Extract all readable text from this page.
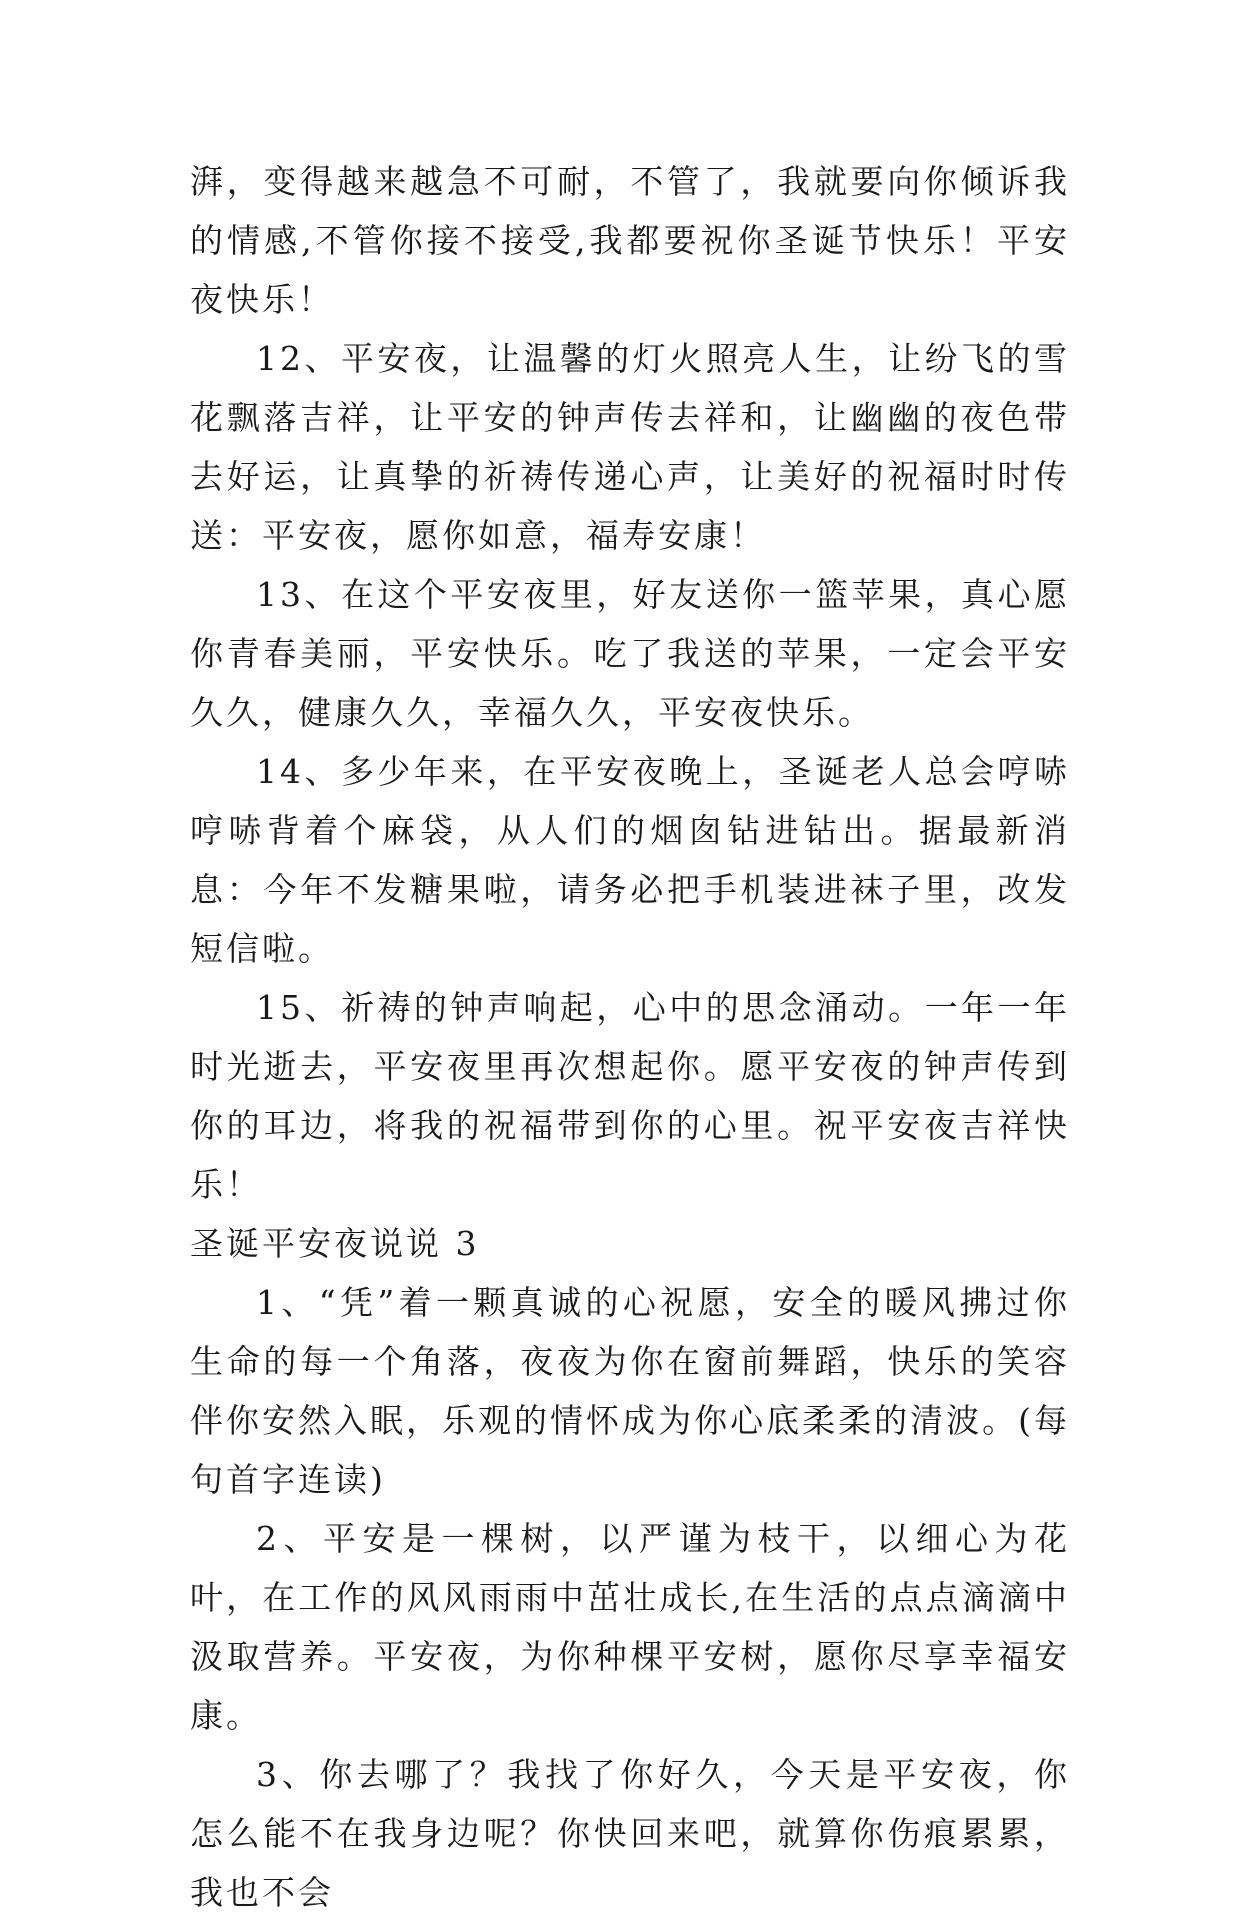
湃，变得越来越急不可耐，不管了，我就要向你倾诉我的情感,不管你接不接受,我都要祝你圣诞节快乐！平安夜快乐！

12、平安夜，让温馨的灯火照亮人生，让纷飞的雪花飘落吉祥，让平安的钟声传去祥和，让幽幽的夜色带去好运，让真挚的祈祷传递心声，让美好的祝福时时传送：平安夜，愿你如意，福寿安康！

13、在这个平安夜里，好友送你一篮苹果，真心愿你青春美丽，平安快乐。吃了我送的苹果，一定会平安久久，健康久久，幸福久久，平安夜快乐。

14、多少年来，在平安夜晚上，圣诞老人总会哼哧哼哧背着个麻袋，从人们的烟囱钻进钻出。据最新消息：今年不发糖果啦，请务必把手机装进袜子里，改发短信啦。

15、祈祷的钟声响起，心中的思念涌动。一年一年时光逝去，平安夜里再次想起你。愿平安夜的钟声传到你的耳边，将我的祝福带到你的心里。祝平安夜吉祥快乐！

圣诞平安夜说说 3

1、“凭”着一颗真诚的心祝愿，安全的暖风拂过你生命的每一个角落，夜夜为你在窗前舞蹈，快乐的笑容伴你安然入眠，乐观的情怀成为你心底柔柔的清波。(每句首字连读)

2、平安是一棵树，以严谨为枝干，以细心为花叶，在工作的风风雨雨中茁壮成长,在生活的点点滴滴中汲取营养。平安夜，为你种棵平安树，愿你尽享幸福安康。

3、你去哪了？我找了你好久，今天是平安夜，你怎么能不在我身边呢？你快回来吧，就算你伤痕累累，我也不会
